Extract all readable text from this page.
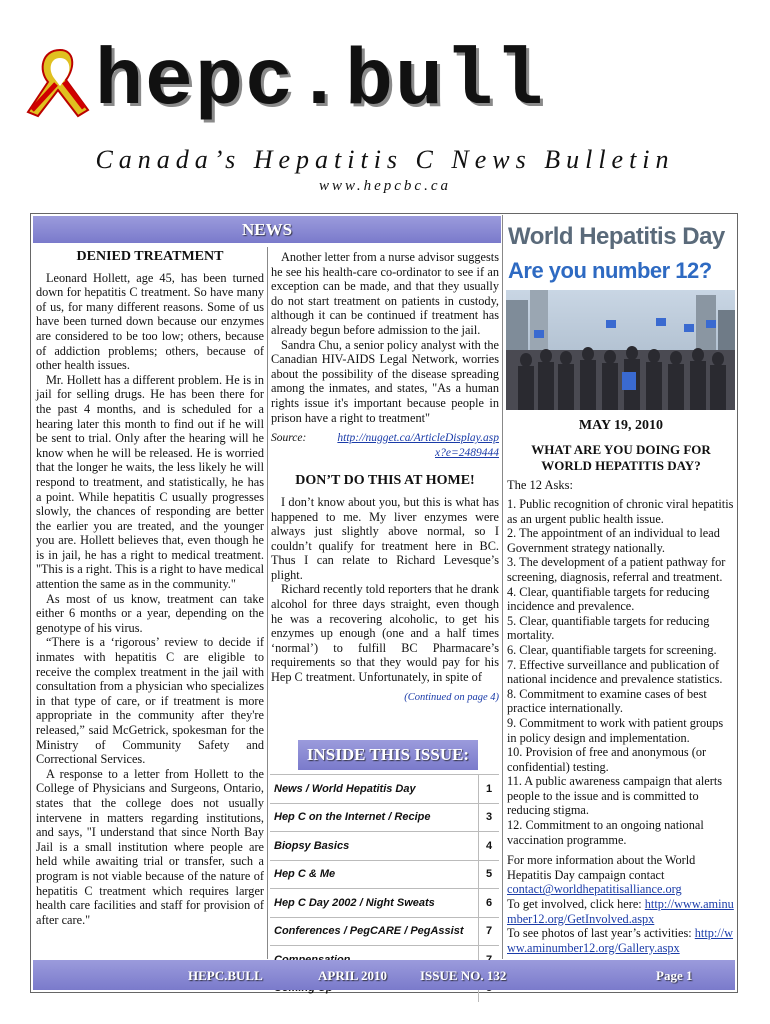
hepc.bull
Canada’s Hepatitis C News Bulletin
www.hepcbc.ca
NEWS
DENIED TREATMENT

Leonard Hollett, age 45, has been turned down for hepatitis C treatment. So have many of us, for many different reasons. Some of us have been turned down because our enzymes are considered to be too low; others, because of addiction problems; others, because of other health issues.

Mr. Hollett has a different problem. He is in jail for selling drugs. He has been there for the past 4 months, and is scheduled for a hearing later this month to find out if he will be sent to trial. Only after the hearing will he know when he will be released. He is worried that the longer he waits, the less likely he will respond to treatment, and statistically, he has a point. While hepatitis C usually progresses slowly, the chances of responding are better the earlier you are treated, and the younger you are. Hollett believes that, even though he is in jail, he has a right to medical treatment. "This is a right. This is a right to have medical attention the same as in the community."

As most of us know, treatment can take either 6 months or a year, depending on the genotype of his virus.

“There is a ‘rigorous’ review to decide if inmates with hepatitis C are eligible to receive the complex treatment in the jail with consultation from a physician who specializes in that type of care, or if treatment is more appropriate in the community after they're released,” said McGetrick, spokesman for the Ministry of Community Safety and Correctional Services.

A response to a letter from Hollett to the College of Physicians and Surgeons, Ontario, states that the college does not usually intervene in matters regarding institutions, and says, "I understand that since North Bay Jail is a small institution where people are held while awaiting trial or transfer, such a program is not viable because of the nature of hepatitis C treatment which requires larger health care facilities and staff for provision of after care."

Another letter from a nurse advisor suggests he see his health-care co-ordinator to see if an exception can be made, and that they usually do not start treatment on patients in custody, although it can be continued if treatment has already begun before admission to the jail.

Sandra Chu, a senior policy analyst with the Canadian HIV-AIDS Legal Network, worries about the possibility of the disease spreading among the inmates, and states, "As a human rights issue it's important because people in prison have a right to treatment"

Source:	http://nugget.ca/ArticleDisplay.aspx?e=2489444
DON’T DO THIS AT HOME!

I don’t know about you, but this is what has happened to me. My liver enzymes were always just slightly above normal, so I couldn’t qualify for treatment here in BC. Thus I can relate to Richard Levesque’s plight.

Richard recently told reporters that he drank alcohol for three days straight, even though he was a recovering alcoholic, to get his enzymes up enough (one and a half times ‘normal’) to fulfill BC Pharmacare’s requirements so that they would pay for his Hep C treatment. Unfortunately, in spite of

(Continued on page 4)
INSIDE THIS ISSUE:
News / World Hepatitis Day	1
Hep C on the Internet / Recipe	3
Biopsy Basics	4
Hep C & Me	5
Hep C Day 2002 / Night Sweats	6
Conferences / PegCARE / PegAssist	7
World Hepatitis Day
Are you number 12?
MAY 19, 2010
WHAT ARE YOU DOING FOR WORLD HEPATITIS DAY?
The 12 Asks:
1. Public recognition of chronic viral hepatitis as an urgent public health issue.
2. The appointment of an individual to lead Government strategy nationally.
3. The development of a patient pathway for screening, diagnosis, referral and treatment.
4. Clear, quantifiable targets for reducing incidence and prevalence.
5. Clear, quantifiable targets for reducing mortality.
6. Clear, quantifiable targets for screening.
7. Effective surveillance and publication of national incidence and prevalence statistics.
8. Commitment to examine cases of best practice internationally.
9. Commitment to work with patient groups in policy design and implementation.
10. Provision of free and anonymous (or confidential) testing.
11. A public awareness campaign that alerts people to the issue and is committed to reducing stigma.
12. Commitment to an ongoing national vaccination programme.
For more information about the World Hepatitis Day campaign contact contact@worldhepatitisalliance.org
To get involved, click here: http://www.aminumber12.org/GetInvolved.aspx
To see photos of last year’s activities: http://www.aminumber12.org/Gallery.aspx
HEPC.BULL	APRIL 2010	ISSUE NO. 132	Page 1
